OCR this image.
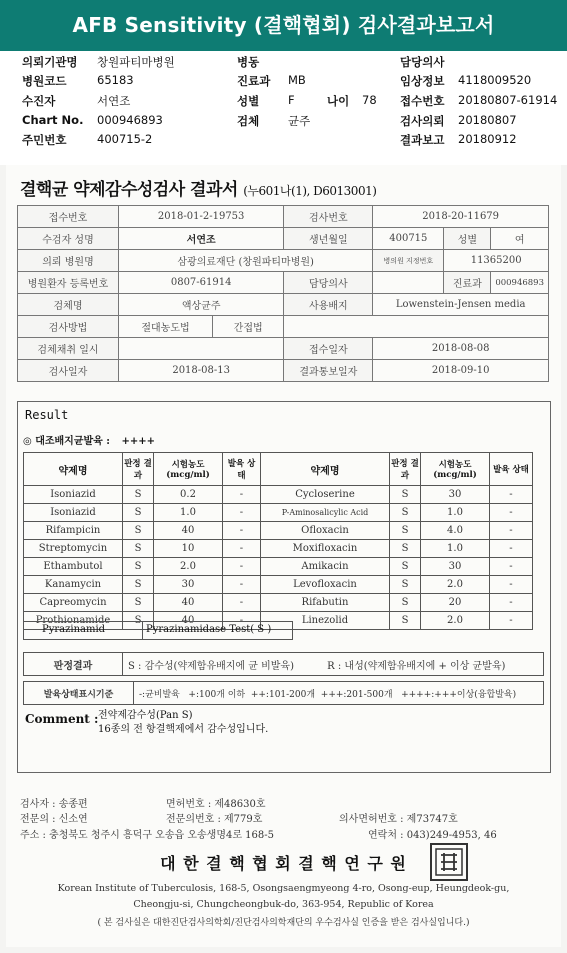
AFB Sensitivity (결핵협회) 검사결과보고서
의뢰기관명 창원파티마병원	병동	담당의사
병원코드	65183	진료과 MB	임상정보 4118009520
수진자	서연조	성별	F	나이 78 접수번호 20180807-61914
Chart No. 000946893	검체	균주	검사의뢰 20180807
주민번호	400715-2	결과보고 20180912
결핵균 약제감수성검사 결과서 (누601나(1), D6013001)
접수번호	2018-01-2-19753		검사번호	2018-20-11679		
수검자 성명	서연조		생년월일	400715	성별	여
의뢰 병원명	삼광의료재단 (창원파티마병원)			병의원 지정번호	11365200	
병원환자 등록번호	0807-61914		담당의사		진료과	000946893
검체명	액상균주		사용배지	Lowenstein-Jensen media		
검사방법	절대농도법	간접법				
검체채취 일시			접수일자	2018-08-08		
검사일자	2018-08-13		결과통보일자	2018-09-10		
Result
◎ 대조배지균발육 : ++++
약제명	판정 결과	시험농도 (mcg/ml)	발육 상태	약제명	판정 결과	시험농도 (mcg/ml)	발육 상태
Isoniazid	S	0.2	-	Cycloserine	S	30	-
Isoniazid	S	1.0	-	P-Aminosalicylic Acid	S	1.0	-
Rifampicin	S	40	-	Ofloxacin	S	4.0	-
Streptomycin	S	10	-	Moxifloxacin	S	1.0	-
Ethambutol	S	2.0	-	Amikacin	S	30	-
Kanamycin	S	30	-	Levofloxacin	S	2.0	-
Capreomycin	S	40	-	Rifabutin	S	20	-
Prothionamide	S	40	-	Linezolid	S	2.0	-
Pyrazinamid	Pyrazinamidase Test( S )
판정결과	S : 감수성(약제함유배지에 균 비발육)	R : 내성(약제함유배지에 + 이상 균발육)
발육상태표시기준	-:균비발육   +:100개 이하  ++:101-200개  +++:201-500개   ++++:+++이상(융합발육)
Comment : 전약제감수성(Pan S)
16종의 전 항결핵제에서 감수성입니다.
검사자 : 송종편	면허번호 : 제48630호
전문의 : 신소연	전문의번호 : 제779호	의사면허번호 : 제73747호
주소 : 충청북도 청주시 흥덕구 오송읍 오송생명4로 168-5	연락처 : 043)249-4953, 46
대 한 결 핵 협 회 결 핵 연 구 원
Korean Institute of Tuberculosis, 168-5, Osongsaengmyeong 4-ro, Osong-eup, Heungdeok-gu,
Cheongju-si, Chungcheongbuk-do, 363-954, Republic of Korea
( 본 검사실은 대한진단검사의학회/진단검사의학재단의 우수검사실 인증을 받은 검사실입니다.)
